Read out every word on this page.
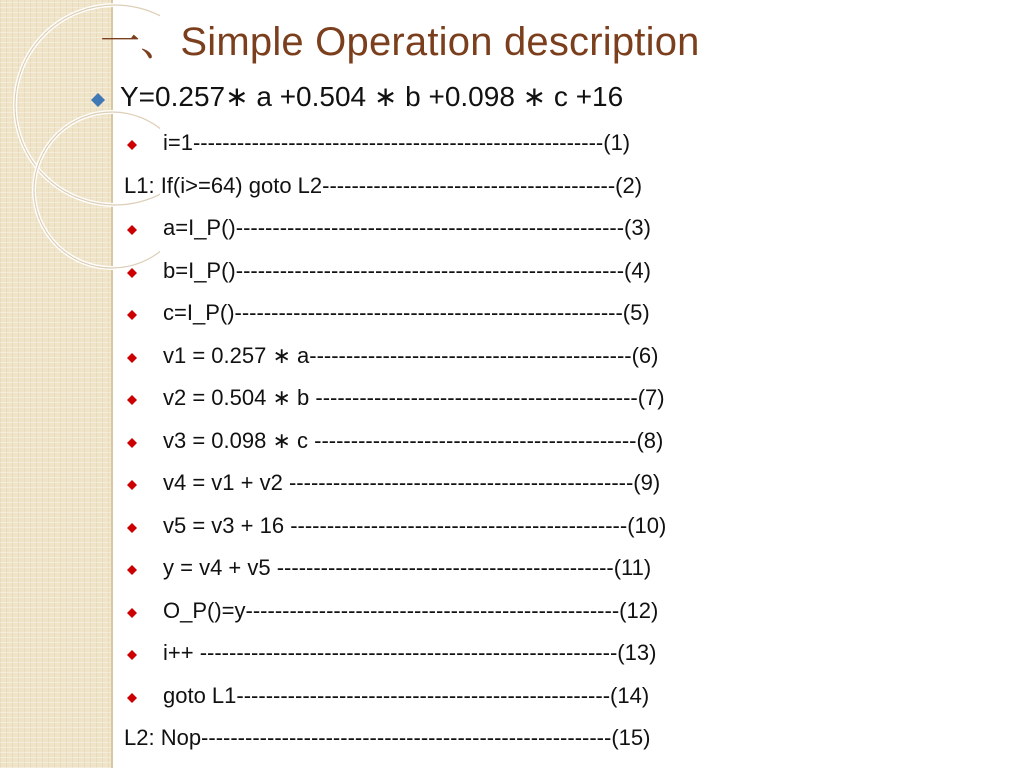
一、Simple Operation description
Y=0.257∗ a +0.504 ∗ b +0.098 ∗ c +16
i=1--------------------------------------------------------(1)
L1: If(i>=64) goto L2----------------------------------------(2)
a=I_P()-----------------------------------------------------(3)
b=I_P()-----------------------------------------------------(4)
c=I_P()-----------------------------------------------------(5)
v1 = 0.257 ∗ a--------------------------------------------(6)
v2 = 0.504 ∗ b --------------------------------------------(7)
v3 = 0.098 ∗ c --------------------------------------------(8)
v4 = v1 + v2 -----------------------------------------------(9)
v5 = v3 + 16 ----------------------------------------------(10)
y = v4 + v5 ----------------------------------------------(11)
O_P()=y---------------------------------------------------(12)
i++ ---------------------------------------------------------(13)
goto L1---------------------------------------------------(14)
L2: Nop--------------------------------------------------------(15)
